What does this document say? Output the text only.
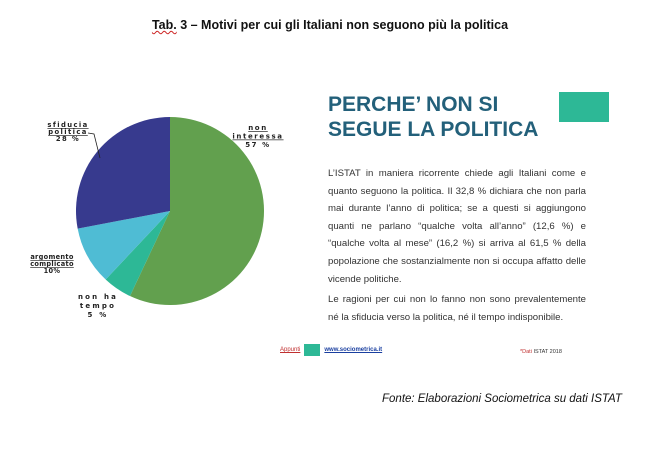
Tab. 3 – Motivi per cui gli Italiani non seguono più la politica
non interessa 57 %
non ha tempo 5 %
argomento complicato 10%
sfiducia politica 28 %
PERCHE’ NON SI
SEGUE LA POLITICA

L’ISTAT in maniera ricorrente chiede agli Italiani come e quanto seguono la politica. Il 32,8 % dichiara che non parla mai durante l’anno di politica; se a questi si aggiungono quanti ne parlano “qualche volta all’anno” (12,6 %) e “qualche volta al mese” (16,2 %) si arriva al 61,5 % della popolazione che sostanzialmente non si occupa affatto delle vicende politiche.

Le ragioni per cui non lo fanno non sono prevalentemente né la sfiducia verso la politica, né il tempo indisponibile.

Appunti	www.sociometrica.it	*Dati ISTAT 2018
Fonte: Elaborazioni Sociometrica su dati ISTAT
